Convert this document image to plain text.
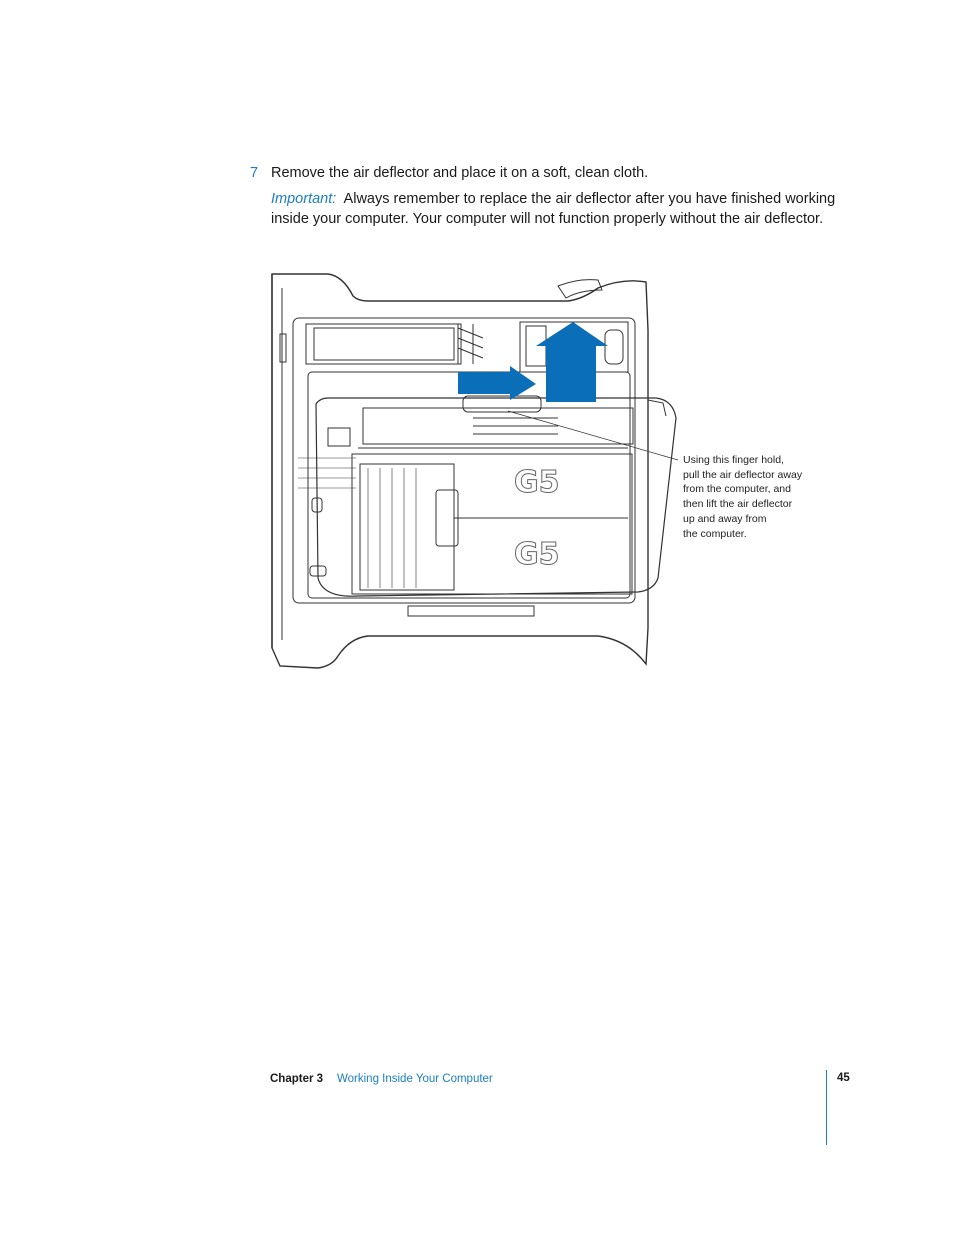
7 Remove the air deflector and place it on a soft, clean cloth.
Important: Always remember to replace the air deflector after you have finished working inside your computer. Your computer will not function properly without the air deflector.
G5
G5
Using this finger hold,
pull the air deflector away
from the computer, and
then lift the air deflector
up and away from
the computer.
Chapter 3 Working Inside Your Computer	45
